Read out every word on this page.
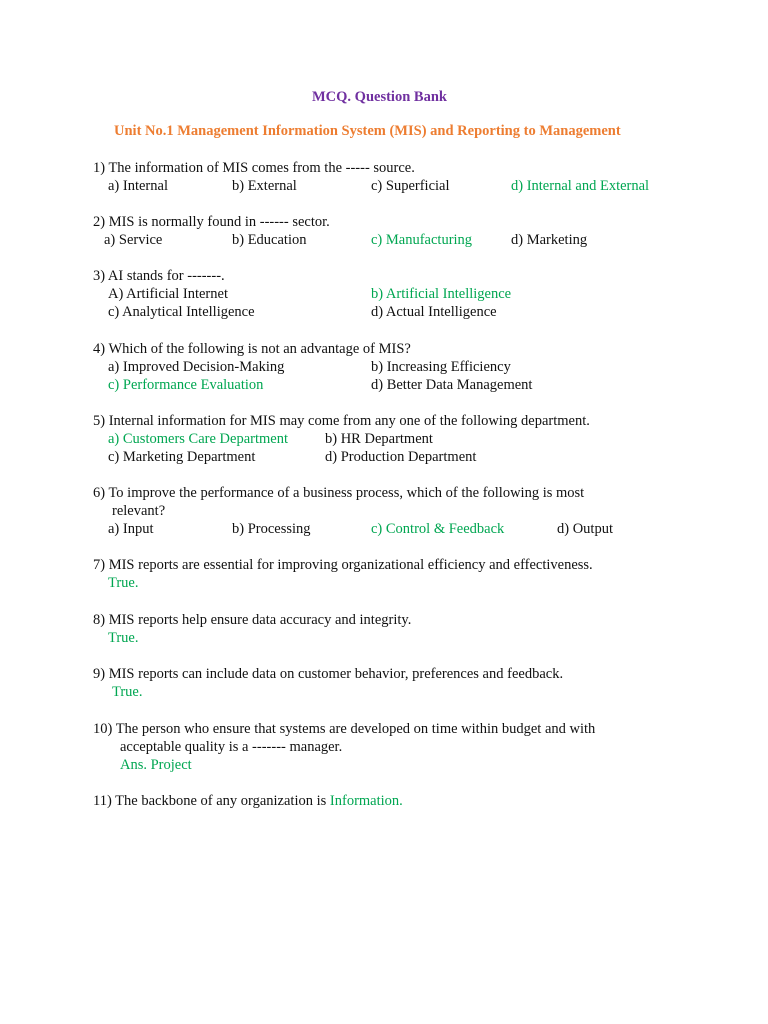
MCQ. Question Bank
Unit No.1 Management Information System (MIS) and Reporting to Management
1) The information of MIS comes from the ----- source.
a) Internal	b) External	c) Superficial	d) Internal and External
2) MIS is normally found in ------ sector.
a) Service	b) Education	c) Manufacturing	d) Marketing
3) AI stands for -------.
A) Artificial Internet	b) Artificial Intelligence
c) Analytical Intelligence	d) Actual Intelligence
4) Which of the following is not an advantage of MIS?
a) Improved Decision-Making	b) Increasing Efficiency
c) Performance Evaluation	d) Better Data Management
5) Internal information for MIS may come from any one of the following department.
a) Customers Care Department	b) HR Department
c) Marketing Department	d) Production Department
6) To improve the performance of a business process, which of the following is most
relevant?
a) Input	b) Processing	c) Control & Feedback	d) Output
7) MIS reports are essential for improving organizational efficiency and effectiveness.
True.
8) MIS reports help ensure data accuracy and integrity.
True.
9) MIS reports can include data on customer behavior, preferences and feedback.
True.
10) The person who ensure that systems are developed on time within budget and with
acceptable quality is a ------- manager.
Ans. Project
11) The backbone of any organization is Information.
